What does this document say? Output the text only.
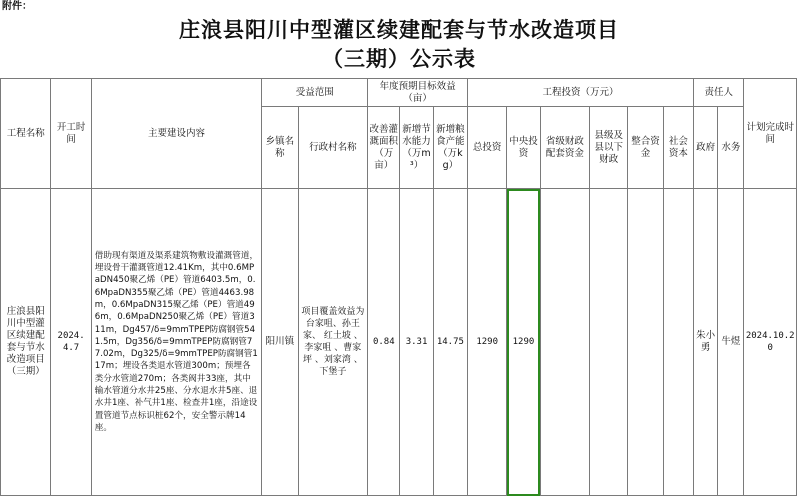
附件：
庄浪县阳川中型灌区续建配套与节水改造项目
（三期）公示表
工程名称	开工时间	主要建设内容	受益范围		年度预期目标效益（亩）			工程投资（万元）						责任人		计划完成时间
			乡镇名称	行政村名称	改善灌溉面积（万亩）	新增节水能力（万m³）	新增粮食产能（万kg）	总投资	中央投资	省级财政配套资金	县级及县以下财政	整合资金	社会资本	政府	水务	

庄浪县阳川中型灌区续建配套与节水改造项目（三期）	2024.4.7	借助现有渠道及渠系建筑物敷设灌溉管道，埋设骨干灌溉管道12.41Km，其中0.6MPaDN450聚乙烯（PE）管道6403.5m，0.6MpaDN355聚乙烯（PE）管道4463.98m，0.6MpaDN315聚乙烯（PE）管道496m，0.6MpaDN250聚乙烯（PE）管道311m，Dg457/δ=9mmTPEP防腐钢管541.5m，Dg356/δ=9mmTPEP防腐钢管77.02m，Dg325/δ=9mmTPEP防腐钢管117m；埋设各类退水管道300m；预埋各类分水管道270m；各类阀井33座，其中输水管道分水井25座、分水退水井5座、退水井1座、补气井1座、检查井1座，沿途设置管道节点标识桩62个，安全警示牌14座。	阳川镇	项目覆盖效益为台家咀、孙王家、 红土坡 、李家咀 、曹家坪 、刘家湾 、下堡子	0.84	3.31	14.75	1290	1290					朱小勇	牛煜	2024.10.20
